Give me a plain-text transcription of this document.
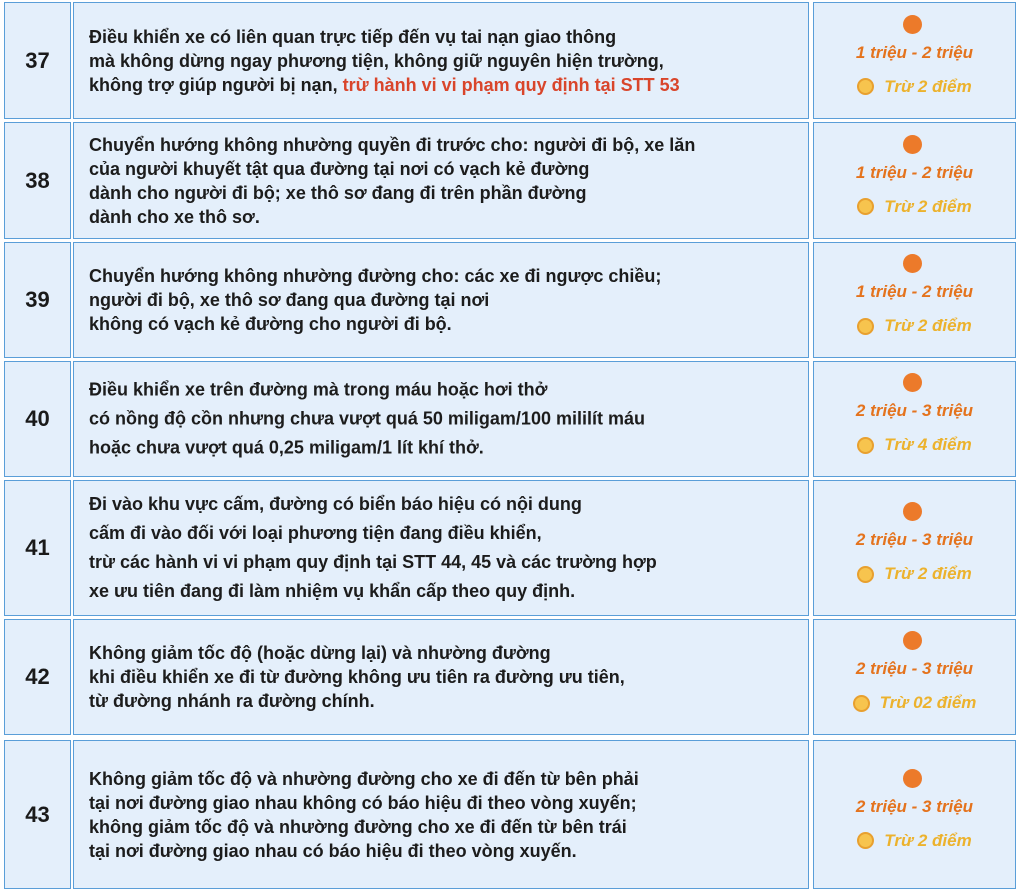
37
Điều khiển xe có liên quan trực tiếp đến vụ tai nạn giao thông
mà không dừng ngay phương tiện, không giữ nguyên hiện trường,
không trợ giúp người bị nạn, trừ hành vi vi phạm quy định tại STT 53
1 triệu - 2 triệu
Trừ 2 điểm
38
Chuyển hướng không nhường quyền đi trước cho: người đi bộ, xe lăn
của người khuyết tật qua đường tại nơi có vạch kẻ đường
dành cho người đi bộ; xe thô sơ đang đi trên phần đường
dành cho xe thô sơ.
1 triệu - 2 triệu
Trừ 2 điểm
39
Chuyển hướng không nhường đường cho: các xe đi ngược chiều;
người đi bộ, xe thô sơ đang qua đường tại nơi
không có vạch kẻ đường cho người đi bộ.
1 triệu - 2 triệu
Trừ 2 điểm
40
Điều khiển xe trên đường mà trong máu hoặc hơi thở
có nồng độ cồn nhưng chưa vượt quá 50 miligam/100 mililít máu
hoặc chưa vượt quá 0,25 miligam/1 lít khí thở.
2 triệu - 3 triệu
Trừ 4 điểm
41
Đi vào khu vực cấm, đường có biển báo hiệu có nội dung
cấm đi vào đối với loại phương tiện đang điều khiển,
trừ các hành vi vi phạm quy định tại STT 44, 45 và các trường hợp
xe ưu tiên đang đi làm nhiệm vụ khẩn cấp theo quy định.
2 triệu - 3 triệu
Trừ 2 điểm
42
Không giảm tốc độ (hoặc dừng lại) và nhường đường
khi điều khiển xe đi từ đường không ưu tiên ra đường ưu tiên,
từ đường nhánh ra đường chính.
2 triệu - 3 triệu
Trừ 02 điểm
43
Không giảm tốc độ và nhường đường cho xe đi đến từ bên phải
tại nơi đường giao nhau không có báo hiệu đi theo vòng xuyến;
không giảm tốc độ và nhường đường cho xe đi đến từ bên trái
tại nơi đường giao nhau có báo hiệu đi theo vòng xuyến.
2 triệu - 3 triệu
Trừ 2 điểm
